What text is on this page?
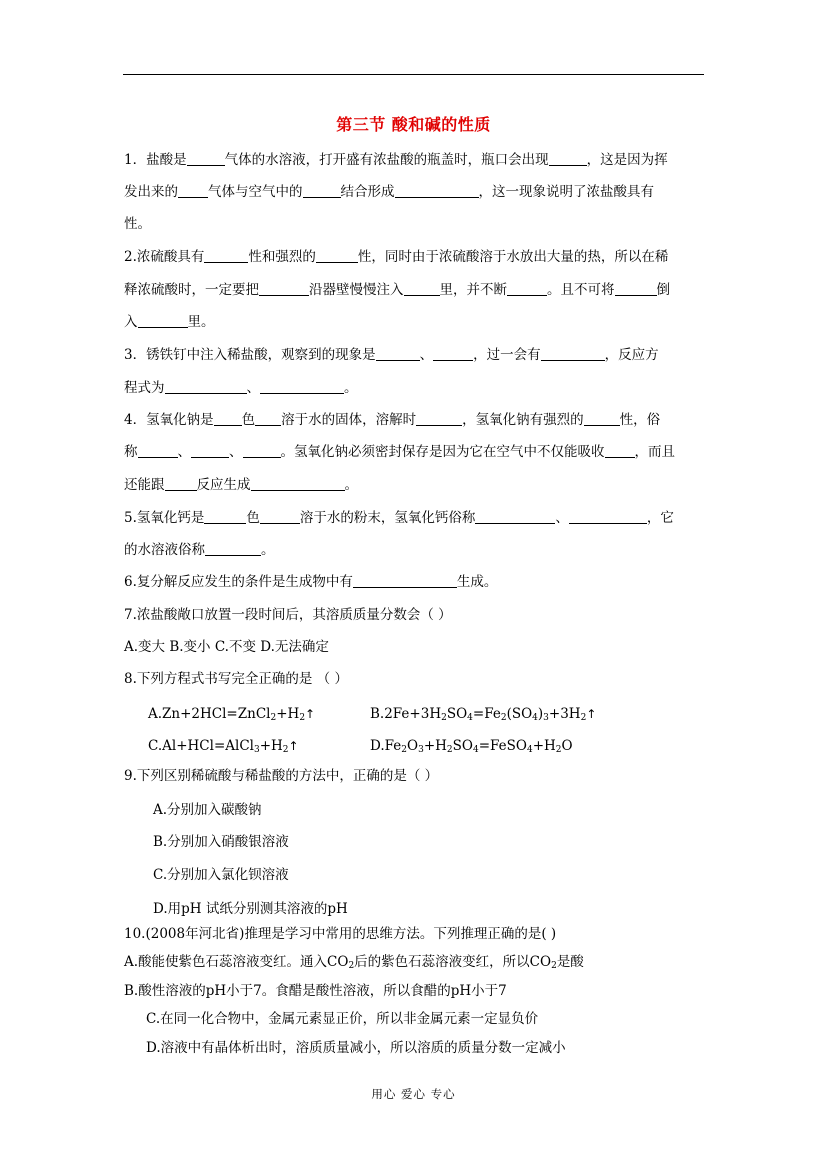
第三节 酸和碱的性质
1．盐酸是	气体的水溶液，打开盛有浓盐酸的瓶盖时，瓶口会出现	，这是因为挥
发出来的 气体与空气中的	结合形成	，这一现象说明了浓盐酸具有
性。
2.浓硫酸具有	性和强烈的	性，同时由于浓硫酸溶于水放出大量的热，所以在稀
释浓硫酸时，一定要把	沿器壁慢慢注入	里，并不断	。且不可将	倒
入	里。
3．锈铁钉中注入稀盐酸，观察到的现象是	、	，过一会有	，反应方
程式为	、	。
4．氢氧化钠是 色 溶于水的固体，溶解时	，氢氧化钠有强烈的	性，俗
称	、	、	。氢氧化钠必须密封保存是因为它在空气中不仅能吸收 ，而且
还能跟 反应生成	。
5.氢氧化钙是	色	溶于水的粉末，氢氧化钙俗称	、	，它
的水溶液俗称	。
6.复分解反应发生的条件是生成物中有	生成。
7.浓盐酸敞口放置一段时间后，其溶质质量分数会（ ）
A.变大 B.变小 C.不变 D.无法确定
8.下列方程式书写完全正确的是 （ ）
$A.Zn+2HCl=ZnCl_2+H_2↑$	$B.2Fe+3H_2SO_4=Fe_2(SO_4)_3+3H_2↑$
$C.Al+HCl=AlCl_3+H_2↑$	$D.Fe_2O_3+H_2SO_4=FeSO_4+H_2O$
9.下列区别稀硫酸与稀盐酸的方法中，正确的是（ ）
A.分别加入碳酸钠
B.分别加入硝酸银溶液
C.分别加入氯化钡溶液
D.用pH 试纸分别测其溶液的pH
10.(2008年河北省)推理是学习中常用的思维方法。下列推理正确的是( )
A.酸能使紫色石蕊溶液变红。通入$CO_2$后的紫色石蕊溶液变红，所以$CO_2$是酸
B.酸性溶液的pH小于7。食醋是酸性溶液，所以食醋的pH小于7
C.在同一化合物中，金属元素显正价，所以非金属元素一定显负价
D.溶液中有晶体析出时，溶质质量减小，所以溶质的质量分数一定减小
用心 爱心 专心
